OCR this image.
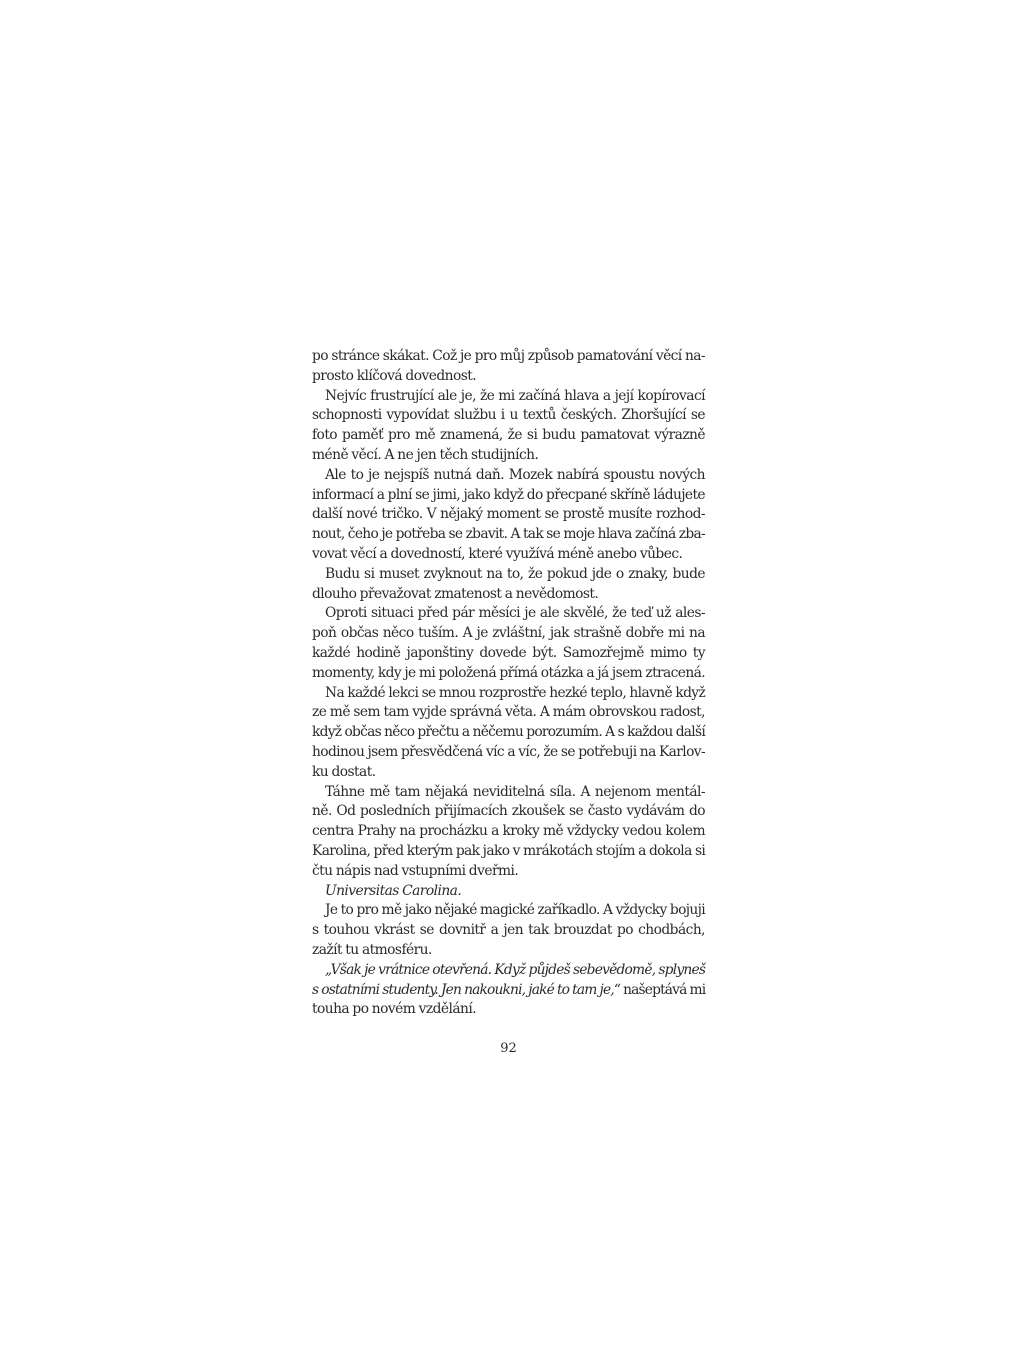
po stránce skákat. Což je pro můj způsob pamatování věcí na-
prosto klíčová dovednost.
Nejvíc frustrující ale je, že mi začíná hlava a její kopírovací
schopnosti vypovídat službu i u textů českých. Zhoršující se
foto paměť pro mě znamená, že si budu pamatovat výrazně
méně věcí. A ne jen těch studijních.
Ale to je nejspíš nutná daň. Mozek nabírá spoustu nových
informací a plní se jimi, jako když do přecpané skříně ládujete
další nové tričko. V nějaký moment se prostě musíte rozhod-
nout, čeho je potřeba se zbavit. A tak se moje hlava začíná zba-
vovat věcí a dovedností, které využívá méně anebo vůbec.
Budu si muset zvyknout na to, že pokud jde o znaky, bude
dlouho převažovat zmatenost a nevědomost.
Oproti situaci před pár měsíci je ale skvělé, že teď už ales-
poň občas něco tuším. A je zvláštní, jak strašně dobře mi na
každé hodině japonštiny dovede být. Samozřejmě mimo ty
momenty, kdy je mi položená přímá otázka a já jsem ztracená.
Na každé lekci se mnou rozprostře hezké teplo, hlavně když
ze mě sem tam vyjde správná věta. A mám obrovskou radost,
když občas něco přečtu a něčemu porozumím. A s každou další
hodinou jsem přesvědčená víc a víc, že se potřebuji na Karlov-
ku dostat.
Táhne mě tam nějaká neviditelná síla. A nejenom mentál-
ně. Od posledních přijímacích zkoušek se často vydávám do
centra Prahy na procházku a kroky mě vždycky vedou kolem
Karolina, před kterým pak jako v mrákotách stojím a dokola si
čtu nápis nad vstupními dveřmi.
Universitas Carolina.
Je to pro mě jako nějaké magické zaříkadlo. A vždycky bojuji
s touhou vkrást se dovnitř a jen tak brouzdat po chodbách,
zažít tu atmosféru.
„Však je vrátnice otevřená. Když půjdeš sebevědomě, splyneš
s ostatními studenty. Jen nakoukni, jaké to tam je,“ našeptává mi
touha po novém vzdělání.
92
